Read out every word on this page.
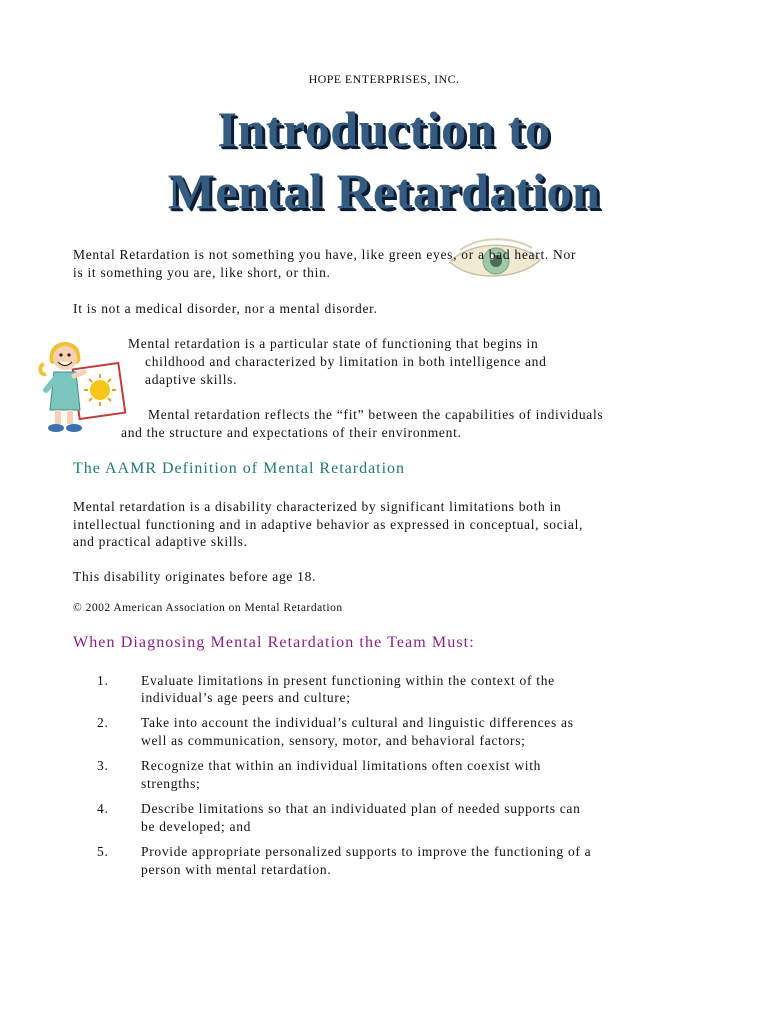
HOPE ENTERPRISES, INC.
Introduction to
Mental Retardation
Mental Retardation is not something you have, like green eyes, or a bad heart. Nor
is it something you are, like short, or thin.
It is not a medical disorder, nor a mental disorder.
Mental retardation is a particular state of functioning that begins in
childhood and characterized by limitation in both intelligence and
adaptive skills.
Mental retardation reflects the “fit” between the capabilities of individuals
and the structure and expectations of their environment.
The AAMR Definition of Mental Retardation
Mental retardation is a disability characterized by significant limitations both in
intellectual functioning and in adaptive behavior as expressed in conceptual, social,
and practical adaptive skills.
This disability originates before age 18.
© 2002 American Association on Mental Retardation
When Diagnosing Mental Retardation the Team Must:
1.	Evaluate limitations in present functioning within the context of the
individual’s age peers and culture;
2.	Take into account the individual’s cultural and linguistic differences as
well as communication, sensory, motor, and behavioral factors;
3.	Recognize that within an individual limitations often coexist with
strengths;
4.	Describe limitations so that an individuated plan of needed supports can
be developed; and
5.	Provide appropriate personalized supports to improve the functioning of a
person with mental retardation.
